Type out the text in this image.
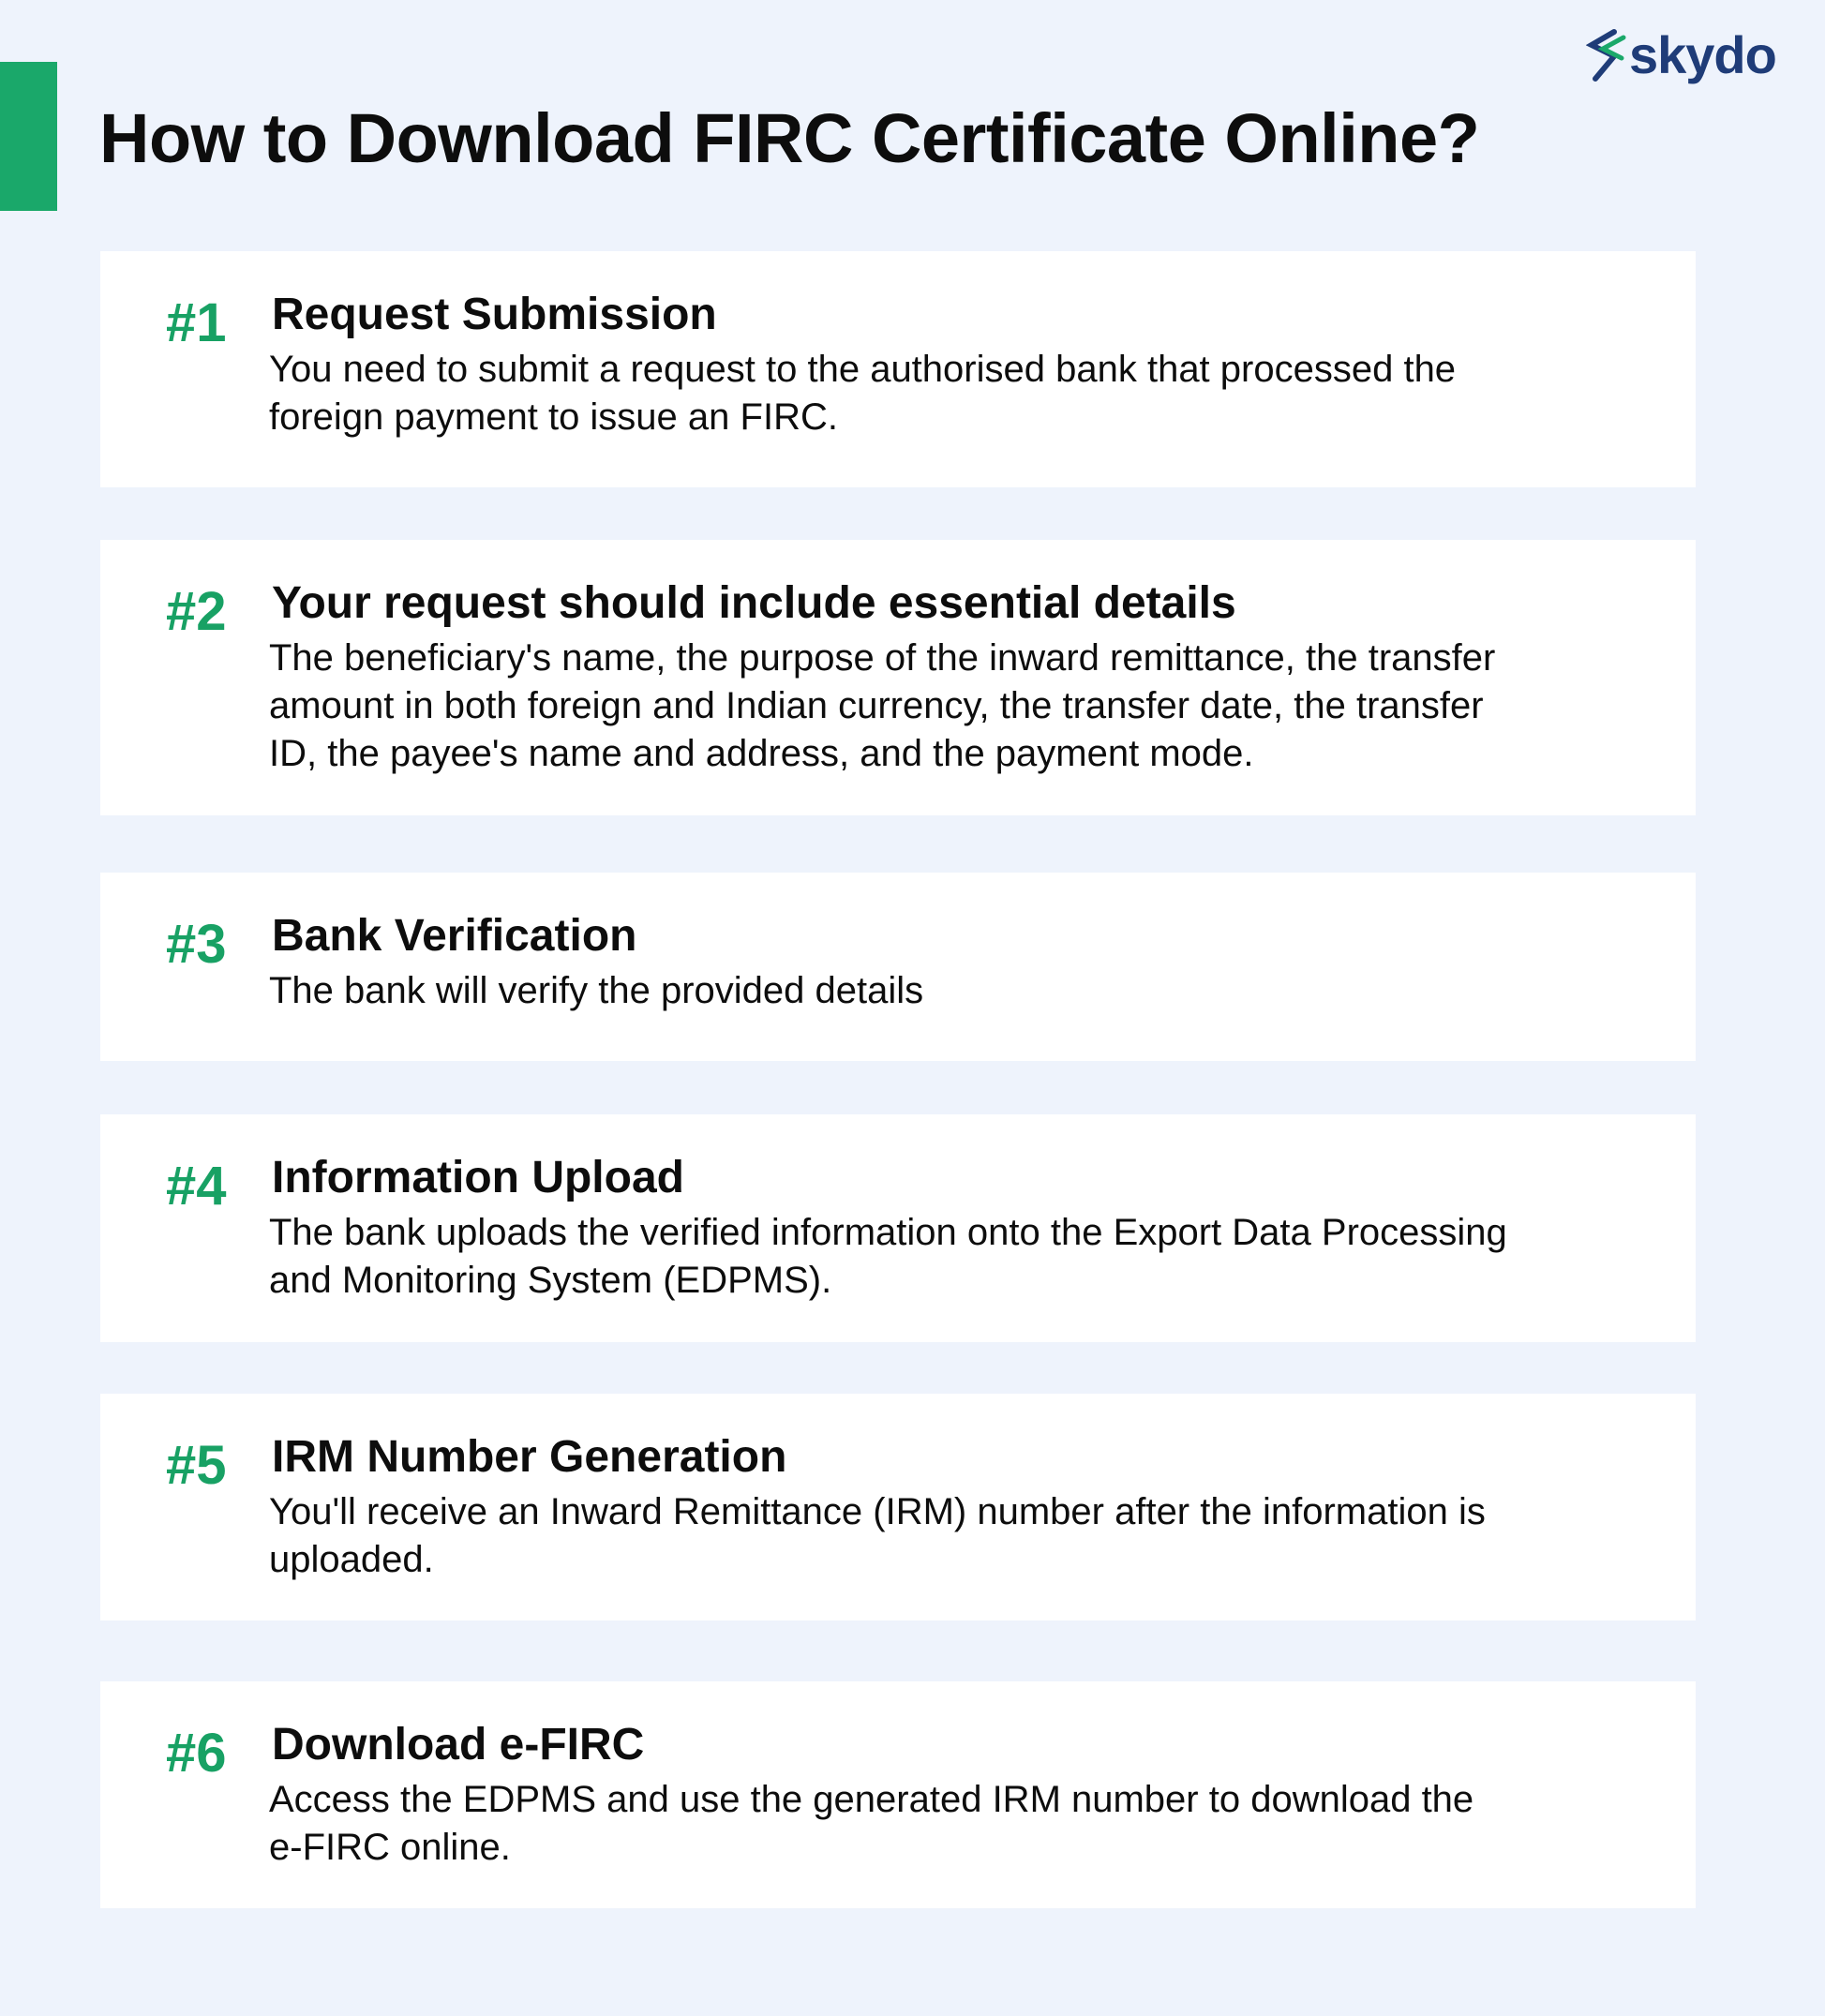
How to Download FIRC Certificate Online?
skydo
#1 Request Submission

You need to submit a request to the authorised bank that processed the
foreign payment to issue an FIRC.

#2 Your request should include essential details

The beneficiary's name, the purpose of the inward remittance, the transfer
amount in both foreign and Indian currency, the transfer date, the transfer
ID, the payee's name and address, and the payment mode.

#3 Bank Verification

The bank will verify the provided details

#4 Information Upload

The bank uploads the verified information onto the Export Data Processing
and Monitoring System (EDPMS).

#5 IRM Number Generation

You'll receive an Inward Remittance (IRM) number after the information is
uploaded.

#6 Download e-FIRC

Access the EDPMS and use the generated IRM number to download the
e-FIRC online.
